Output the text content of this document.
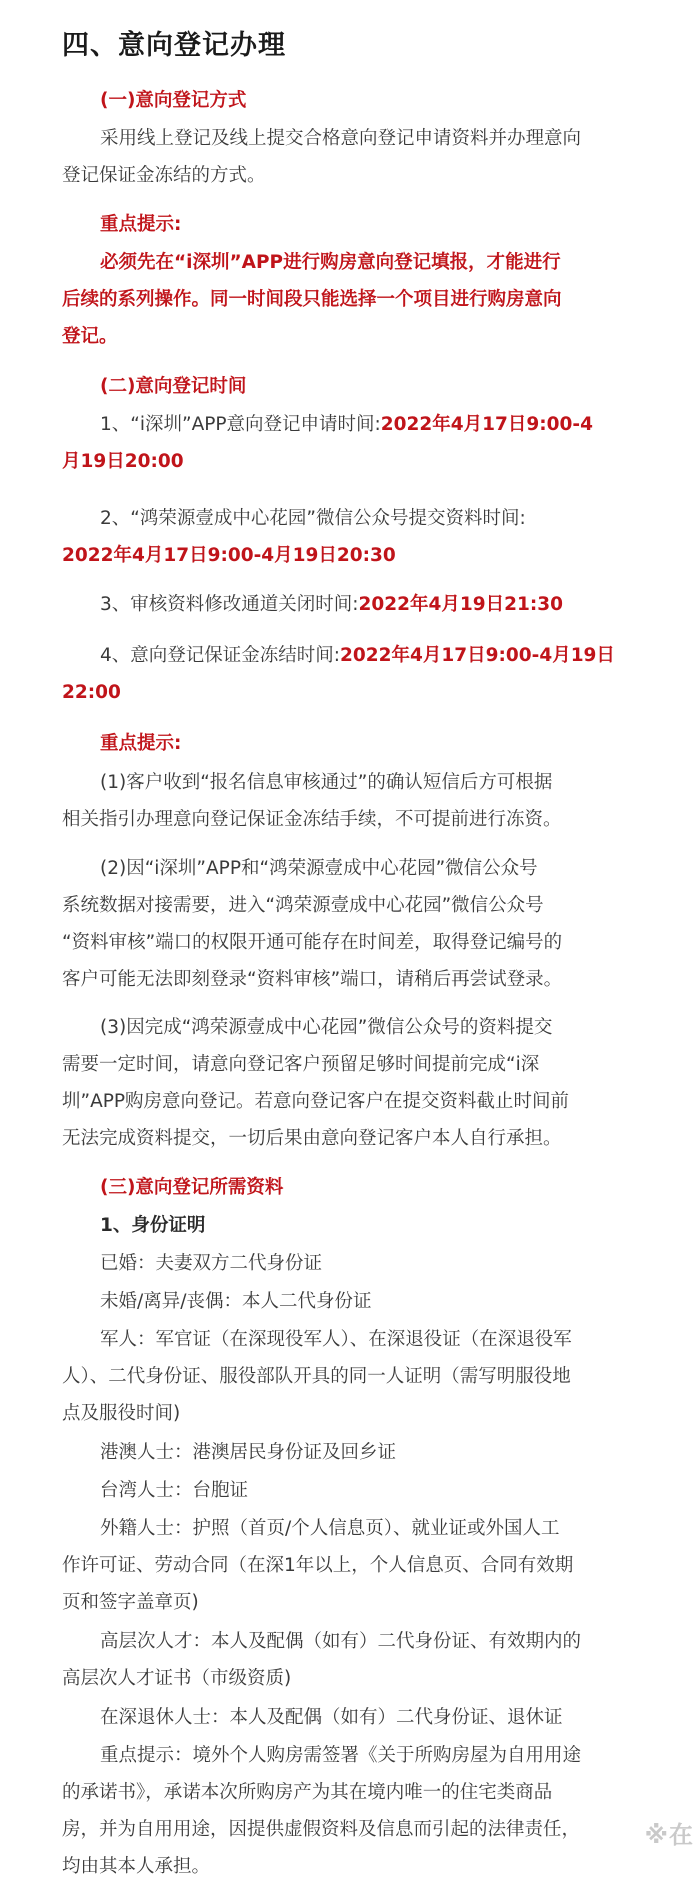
四、意向登记办理
(一)意向登记方式
采用线上登记及线上提交合格意向登记申请资料并办理意向
登记保证金冻结的方式。
重点提示:
必须先在“i深圳”APP进行购房意向登记填报，才能进行
后续的系列操作。同一时间段只能选择一个项目进行购房意向
登记。
(二)意向登记时间
1、“i深圳”APP意向登记申请时间:2022年4月17日9:00-4
月19日20:00
2、“鸿荣源壹成中心花园”微信公众号提交资料时间:
2022年4月17日9:00-4月19日20:30
3、审核资料修改通道关闭时间:2022年4月19日21:30
4、意向登记保证金冻结时间:2022年4月17日9:00-4月19日
22:00
重点提示:
(1)客户收到“报名信息审核通过”的确认短信后方可根据
相关指引办理意向登记保证金冻结手续，不可提前进行冻资。
(2)因“i深圳”APP和“鸿荣源壹成中心花园”微信公众号
系统数据对接需要，进入“鸿荣源壹成中心花园”微信公众号
“资料审核”端口的权限开通可能存在时间差，取得登记编号的
客户可能无法即刻登录“资料审核”端口，请稍后再尝试登录。
(3)因完成“鸿荣源壹成中心花园”微信公众号的资料提交
需要一定时间，请意向登记客户预留足够时间提前完成“i深
圳”APP购房意向登记。若意向登记客户在提交资料截止时间前
无法完成资料提交，一切后果由意向登记客户本人自行承担。
(三)意向登记所需资料
1、身份证明
已婚：夫妻双方二代身份证
未婚/离异/丧偶：本人二代身份证
军人：军官证（在深现役军人）、在深退役证（在深退役军
人）、二代身份证、服役部队开具的同一人证明（需写明服役地
点及服役时间)
港澳人士：港澳居民身份证及回乡证
台湾人士：台胞证
外籍人士：护照（首页/个人信息页）、就业证或外国人工
作许可证、劳动合同（在深1年以上，个人信息页、合同有效期
页和签字盖章页)
高层次人才：本人及配偶（如有）二代身份证、有效期内的
高层次人才证书（市级资质)
在深退休人士：本人及配偶（如有）二代身份证、退休证
重点提示：境外个人购房需签署《关于所购房屋为自用用途
的承诺书》，承诺本次所购房产为其在境内唯一的住宅类商品
房，并为自用用途，因提供虚假资料及信息而引起的法律责任，
均由其本人承担。
※在
